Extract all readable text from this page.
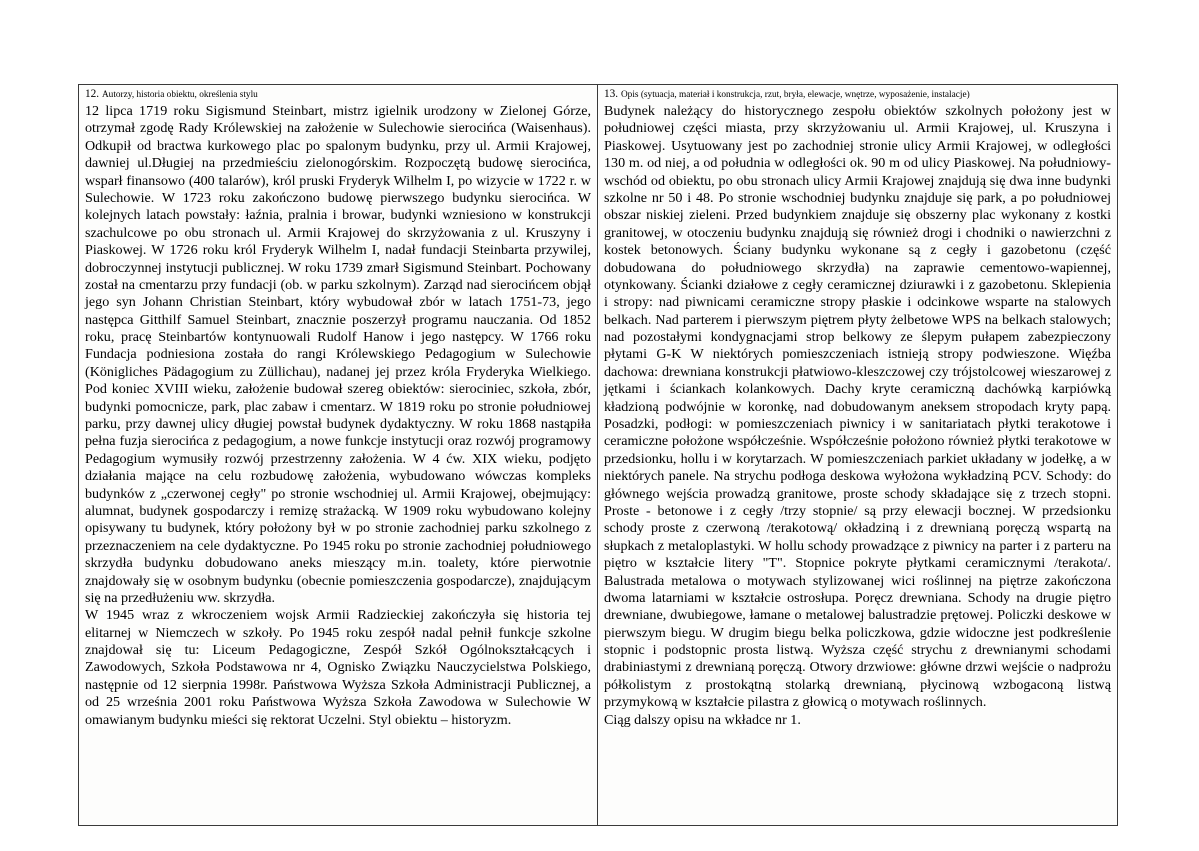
12. Autorzy, historia obiektu, określenia stylu

12 lipca 1719 roku Sigismund Steinbart, mistrz igielnik urodzony w Zielonej Górze, otrzymał zgodę Rady Królewskiej na założenie w Sulechowie sierocińca (Waisenhaus). Odkupił od bractwa kurkowego plac po spalonym budynku, przy ul. Armii Krajowej, dawniej ul.Długiej na przedmieściu zielonogórskim. Rozpoczętą budowę sierocińca, wsparł finansowo (400 talarów), król pruski Fryderyk Wilhelm I, po wizycie w 1722 r. w Sulechowie. W 1723 roku zakończono budowę pierwszego budynku sierocińca. W kolejnych latach powstały: łaźnia, pralnia i browar, budynki wzniesiono w konstrukcji szachulcowe po obu stronach ul. Armii Krajowej do skrzyżowania z ul. Kruszyny i Piaskowej. W 1726 roku król Fryderyk Wilhelm I, nadał fundacji Steinbarta przywilej, dobroczynnej instytucji publicznej. W roku 1739 zmarł Sigismund Steinbart. Pochowany został na cmentarzu przy fundacji (ob. w parku szkolnym). Zarząd nad sierocińcem objął jego syn Johann Christian Steinbart, który wybudował zbór w latach 1751-73, jego następca Gitthilf Samuel Steinbart, znacznie poszerzył programu nauczania. Od 1852 roku, pracę Steinbartów kontynuowali Rudolf Hanow i jego następcy. W 1766 roku Fundacja podniesiona została do rangi Królewskiego Pedagogium w Sulechowie (Königliches Pädagogium zu Züllichau), nadanej jej przez króla Fryderyka Wielkiego. Pod koniec XVIII wieku, założenie budował szereg obiektów: sierociniec, szkoła, zbór, budynki pomocnicze, park, plac zabaw i cmentarz. W 1819 roku po stronie południowej parku, przy dawnej ulicy długiej powstał budynek dydaktyczny. W roku 1868 nastąpiła pełna fuzja sierocińca z pedagogium, a nowe funkcje instytucji oraz rozwój programowy Pedagogium wymusiły rozwój przestrzenny założenia. W 4 ćw. XIX wieku, podjęto działania mające na celu rozbudowę założenia, wybudowano wówczas kompleks budynków z „czerwonej cegły" po stronie wschodniej ul. Armii Krajowej, obejmujący: alumnat, budynek gospodarczy i remizę strażacką. W 1909 roku wybudowano kolejny opisywany tu budynek, który położony był w po stronie zachodniej parku szkolnego z przeznaczeniem na cele dydaktyczne. Po 1945 roku po stronie zachodniej południowego skrzydła budynku dobudowano aneks mieszący m.in. toalety, które pierwotnie znajdowały się w osobnym budynku (obecnie pomieszczenia gospodarcze), znajdującym się na przedłużeniu ww. skrzydła.

W 1945 wraz z wkroczeniem wojsk Armii Radzieckiej zakończyła się historia tej elitarnej w Niemczech w szkoły. Po 1945 roku zespół nadal pełnił funkcje szkolne znajdował się tu: Liceum Pedagogiczne, Zespół Szkół Ogólnokształcących i Zawodowych, Szkoła Podstawowa nr 4, Ognisko Związku Nauczycielstwa Polskiego, następnie od 12 sierpnia 1998r. Państwowa Wyższa Szkoła Administracji Publicznej, a od 25 września 2001 roku Państwowa Wyższa Szkoła Zawodowa w Sulechowie W omawianym budynku mieści się rektorat Uczelni. Styl obiektu – historyzm.

13. Opis (sytuacja, materiał i konstrukcja, rzut, bryła, elewacje, wnętrze, wyposażenie, instalacje)

Budynek należący do historycznego zespołu obiektów szkolnych położony jest w południowej części miasta, przy skrzyżowaniu ul. Armii Krajowej, ul. Kruszyna i Piaskowej. Usytuowany jest po zachodniej stronie ulicy Armii Krajowej, w odległości 130 m. od niej, a od południa w odległości ok. 90 m od ulicy Piaskowej. Na południowy-wschód od obiektu, po obu stronach ulicy Armii Krajowej znajdują się dwa inne budynki szkolne nr 50 i 48. Po stronie wschodniej budynku znajduje się park, a po południowej obszar niskiej zieleni. Przed budynkiem znajduje się obszerny plac wykonany z kostki granitowej, w otoczeniu budynku znajdują się również drogi i chodniki o nawierzchni z kostek betonowych. Ściany budynku wykonane są z cegły i gazobetonu (część dobudowana do południowego skrzydła) na zaprawie cementowo-wapiennej, otynkowany. Ścianki działowe z cegły ceramicznej dziurawki i z gazobetonu. Sklepienia i stropy: nad piwnicami ceramiczne stropy płaskie i odcinkowe wsparte na stalowych belkach. Nad parterem i pierwszym piętrem płyty żelbetowe WPS na belkach stalowych; nad pozostałymi kondygnacjami strop belkowy ze ślepym pułapem zabezpieczony płytami G-K W niektórych pomieszczeniach istnieją stropy podwieszone. Więźba dachowa: drewniana konstrukcji płatwiowo-kleszczowej czy trójstolcowej wieszarowej z jętkami i ściankach kolankowych. Dachy kryte ceramiczną dachówką karpiówką kładzioną podwójnie w koronkę, nad dobudowanym aneksem stropodach kryty papą. Posadzki, podłogi: w pomieszczeniach piwnicy i w sanitariatach płytki terakotowe i ceramiczne położone współcześnie. Współcześnie położono również płytki terakotowe w przedsionku, hollu i w korytarzach. W pomieszczeniach parkiet układany w jodełkę, a w niektórych panele. Na strychu podłoga deskowa wyłożona wykładziną PCV. Schody: do głównego wejścia prowadzą granitowe, proste schody składające się z trzech stopni. Proste - betonowe i z cegły /trzy stopnie/ są przy elewacji bocznej. W przedsionku schody proste z czerwoną /terakotową/ okładziną i z drewnianą poręczą wspartą na słupkach z metaloplastyki. W hollu schody prowadzące z piwnicy na parter i z parteru na piętro w kształcie litery "T". Stopnice pokryte płytkami ceramicznymi /terakota/. Balustrada metalowa o motywach stylizowanej wici roślinnej na piętrze zakończona dwoma latarniami w kształcie ostrosłupa. Poręcz drewniana. Schody na drugie piętro drewniane, dwubiegowe, łamane o metalowej balustradzie prętowej. Policzki deskowe w pierwszym biegu. W drugim biegu belka policzkowa, gdzie widoczne jest podkreślenie stopnic i podstopnic prosta listwą. Wyższa część strychu z drewnianymi schodami drabiniastymi z drewnianą poręczą. Otwory drzwiowe: główne drzwi wejście o nadprożu półkolistym z prostokątną stolarką drewnianą, płycinową wzbogaconą listwą przymykową w kształcie pilastra z głowicą o motywach roślinnych.

Ciąg dalszy opisu na wkładce nr 1.
